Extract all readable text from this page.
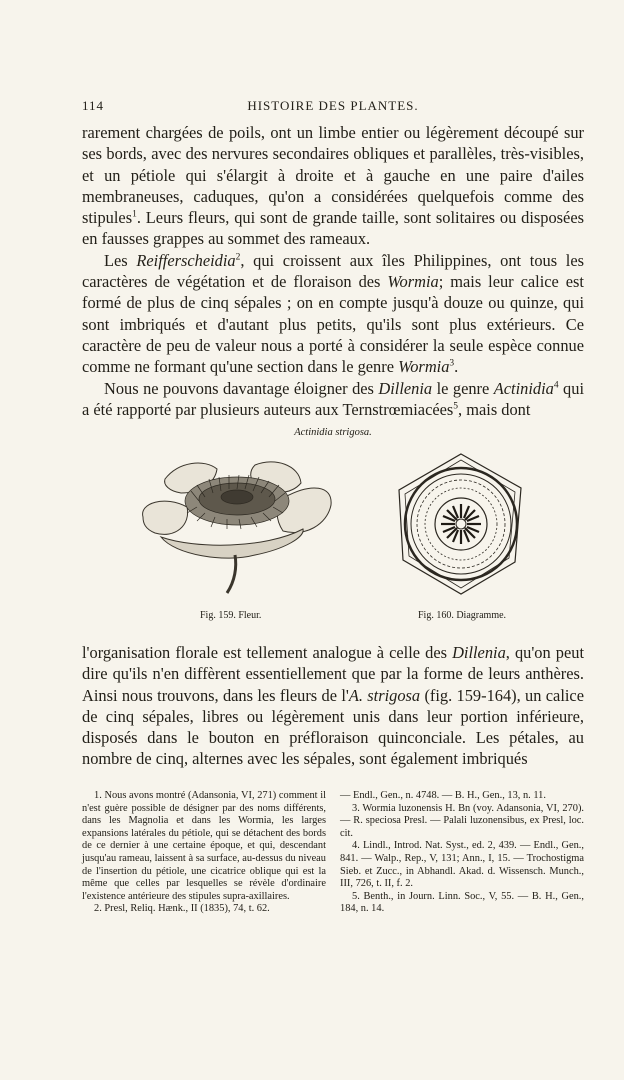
114	HISTOIRE DES PLANTES.

rarement chargées de poils, ont un limbe entier ou légèrement découpé sur ses bords, avec des nervures secondaires obliques et parallèles, très-visibles, et un pétiole qui s'élargit à droite et à gauche en une paire d'ailes membraneuses, caduques, qu'on a considérées quelquefois comme des stipules$^1$. Leurs fleurs, qui sont de grande taille, sont solitaires ou disposées en fausses grappes au sommet des rameaux.

Les Reifferscheidia$^2$, qui croissent aux îles Philippines, ont tous les caractères de végétation et de floraison des Wormia; mais leur calice est formé de plus de cinq sépales ; on en compte jusqu'à douze ou quinze, qui sont imbriqués et d'autant plus petits, qu'ils sont plus extérieurs. Ce caractère de peu de valeur nous a porté à considérer la seule espèce connue comme ne formant qu'une section dans le genre Wormia$^3$.

Nous ne pouvons davantage éloigner des Dillenia le genre Actinidia$^4$ qui a été rapporté par plusieurs auteurs aux Ternstrœmiacées$^5$, mais dont

Actinidia strigosa.
Fig. 159. Fleur.	Fig. 160. Diagramme.

l'organisation florale est tellement analogue à celle des Dillenia, qu'on peut dire qu'ils n'en diffèrent essentiellement que par la forme de leurs anthères. Ainsi nous trouvons, dans les fleurs de l'A. strigosa (fig. 159-164), un calice de cinq sépales, libres ou légèrement unis dans leur portion inférieure, disposés dans le bouton en préfloraison quinconciale. Les pétales, au nombre de cinq, alternes avec les sépales, sont également imbriqués

1. Nous avons montré (Adansonia, VI, 271) comment il n'est guère possible de désigner par des noms différents, dans les Magnolia et dans les Wormia, les larges expansions latérales du pétiole, qui se détachent des bords de ce dernier à une certaine époque, et qui, descendant jusqu'au rameau, laissent à sa surface, au-dessus du niveau de l'insertion du pétiole, une cicatrice oblique qui est la même que celles par lesquelles se révèle d'ordinaire l'existence antérieure des stipules supra-axillaires.

2. Presl, Reliq. Hænk., II (1835), 74, t. 62.

— Endl., Gen., n. 4748. — B. H., Gen., 13, n. 11.

3. Wormia luzonensis H. Bn (voy. Adansonia, VI, 270). — R. speciosa Presl. — Palali luzonensibus, ex Presl, loc. cit.

4. Lindl., Introd. Nat. Syst., ed. 2, 439. — Endl., Gen., 841. — Walp., Rep., V, 131; Ann., I, 15. — Trochostigma Sieb. et Zucc., in Abhandl. Akad. d. Wissensch. Munch., III, 726, t. II, f. 2.

5. Benth., in Journ. Linn. Soc., V, 55. — B. H., Gen., 184, n. 14.
